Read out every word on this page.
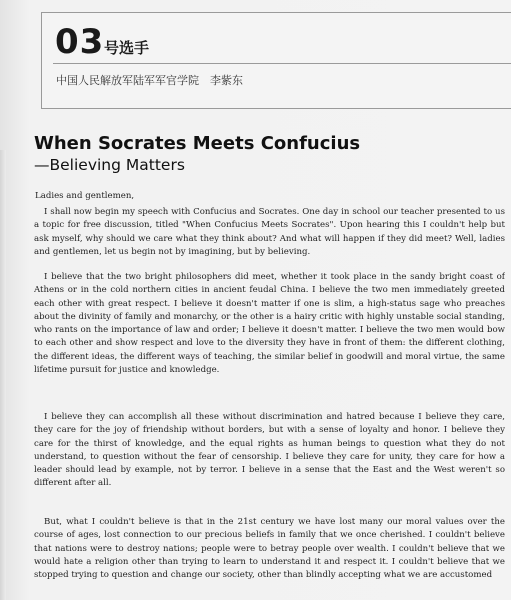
03 号选手
中国人民解放军陆军军官学院　李紫东
When Socrates Meets Confucius
—Believing Matters
Ladies and gentlemen,
I shall now begin my speech with Confucius and Socrates. One day in school our teacher presented to us a topic for free discussion, titled "When Confucius Meets Socrates". Upon hearing this I couldn't help but ask myself, why should we care what they think about? And what will happen if they did meet? Well, ladies and gentlemen, let us begin not by imagining, but by believing.
I believe that the two bright philosophers did meet, whether it took place in the sandy bright coast of Athens or in the cold northern cities in ancient feudal China. I believe the two men immediately greeted each other with great respect. I believe it doesn't matter if one is slim, a high-status sage who preaches about the divinity of family and monarchy, or the other is a hairy critic with highly unstable social standing, who rants on the importance of law and order; I believe it doesn't matter. I believe the two men would bow to each other and show respect and love to the diversity they have in front of them: the different clothing, the different ideas, the different ways of teaching, the similar belief in goodwill and moral virtue, the same lifetime pursuit for justice and knowledge.
I believe they can accomplish all these without discrimination and hatred because I believe they care, they care for the joy of friendship without borders, but with a sense of loyalty and honor. I believe they care for the thirst of knowledge, and the equal rights as human beings to question what they do not understand, to question without the fear of censorship. I believe they care for unity, they care for how a leader should lead by example, not by terror. I believe in a sense that the East and the West weren't so different after all.
But, what I couldn't believe is that in the 21st century we have lost many our moral values over the course of ages, lost connection to our precious beliefs in family that we once cherished. I couldn't believe that nations were to destroy nations; people were to betray people over wealth. I couldn't believe that we would hate a religion other than trying to learn to understand it and respect it. I couldn't believe that we stopped trying to question and change our society, other than blindly accepting what we are accustomed
